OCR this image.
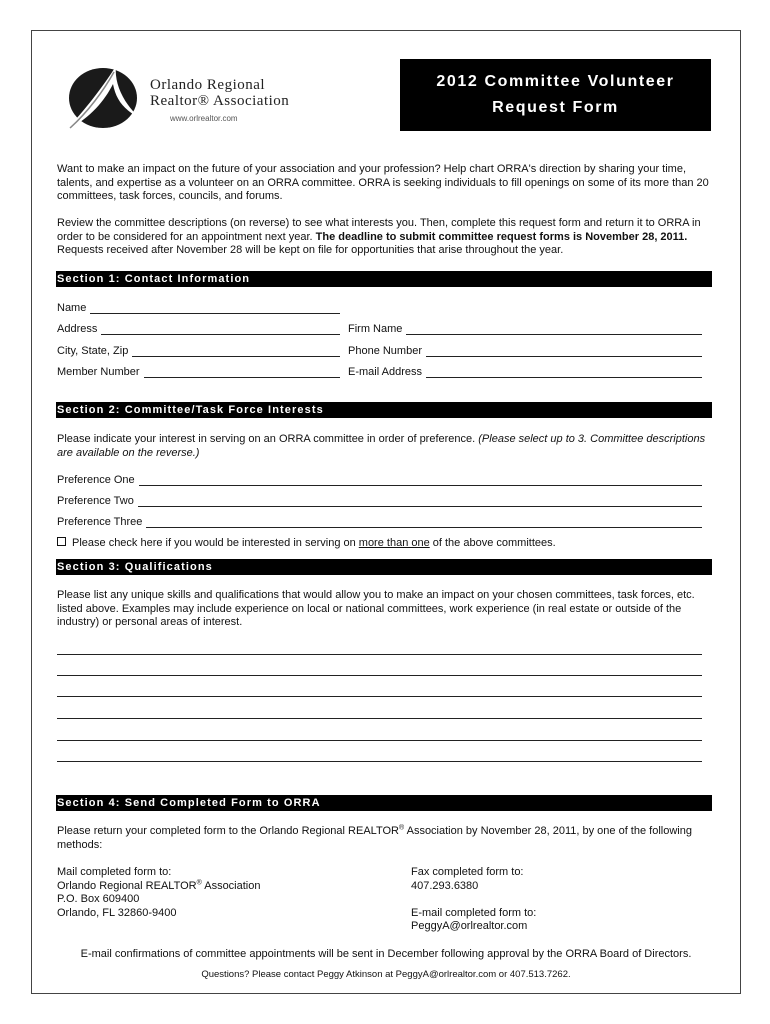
Orlando Regional
Realtor® Association
www.orlrealtor.com
2012 Committee Volunteer
Request Form
Want to make an impact on the future of your association and your profession? Help chart ORRA's direction by sharing your time, talents, and expertise as a volunteer on an ORRA committee. ORRA is seeking individuals to fill openings on some of its more than 20 committees, task forces, councils, and forums.
Review the committee descriptions (on reverse) to see what interests you. Then, complete this request form and return it to ORRA in order to be considered for an appointment next year. The deadline to submit committee request forms is November 28, 2011. Requests received after November 28 will be kept on file for opportunities that arise throughout the year.
Section 1: Contact Information
Name
Address
City, State, Zip
Member Number
Firm Name
Phone Number
E-mail Address
Section 2: Committee/Task Force Interests
Please indicate your interest in serving on an ORRA committee in order of preference. (Please select up to 3. Committee descriptions are available on the reverse.)
Preference One
Preference Two
Preference Three
Please check here if you would be interested in serving on more than one of the above committees.
Section 3: Qualifications
Please list any unique skills and qualifications that would allow you to make an impact on your chosen committees, task forces, etc. listed above. Examples may include experience on local or national committees, work experience (in real estate or outside of the industry) or personal areas of interest.
Section 4: Send Completed Form to ORRA
Please return your completed form to the Orlando Regional REALTOR® Association by November 28, 2011, by one of the following methods:
Mail completed form to:
Orlando Regional REALTOR® Association
P.O. Box 609400
Orlando, FL 32860-9400
Fax completed form to:
407.293.6380
E-mail completed form to:
PeggyA@orlrealtor.com
E-mail confirmations of committee appointments will be sent in December following approval by the ORRA Board of Directors.
Questions? Please contact Peggy Atkinson at PeggyA@orlrealtor.com or 407.513.7262.
